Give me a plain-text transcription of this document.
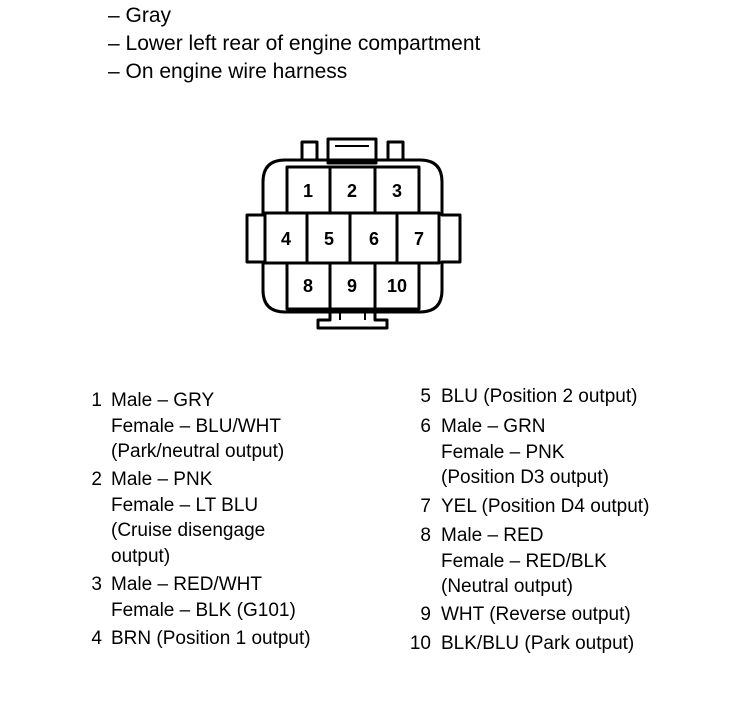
– Gray
– Lower left rear of engine compartment
– On engine wire harness
1 2 3
4 5 6 7
8 9 10
1 Male – GRY
Female – BLU/WHT
(Park/neutral output)
2 Male – PNK
Female – LT BLU
(Cruise disengage
output)
3 Male – RED/WHT
Female – BLK (G101)
4 BRN (Position 1 output)
5 BLU (Position 2 output)
6 Male – GRN
Female – PNK
(Position D3 output)
7 YEL (Position D4 output)
8 Male – RED
Female – RED/BLK
(Neutral output)
9 WHT (Reverse output)
10 BLK/BLU (Park output)
